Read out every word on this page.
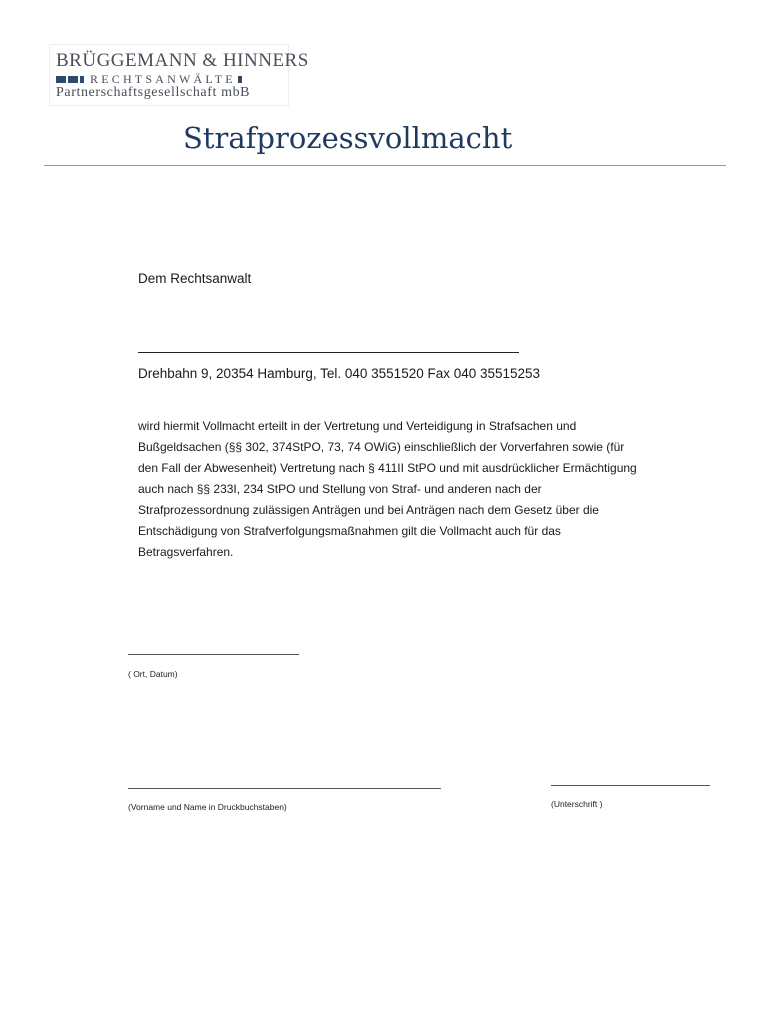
BRÜGGEMANN & HINNERS
RECHTSANWÄLTE
Partnerschaftsgesellschaft mbB
Strafprozessvollmacht
Dem Rechtsanwalt
Drehbahn 9, 20354 Hamburg, Tel. 040 3551520 Fax 040 35515253
wird hiermit Vollmacht erteilt in der Vertretung und Verteidigung in Strafsachen und
Bußgeldsachen (§§ 302, 374StPO, 73, 74 OWiG) einschließlich der Vorverfahren sowie (für
den Fall der Abwesenheit) Vertretung nach § 411II StPO und mit ausdrücklicher Ermächtigung
auch nach §§ 233I, 234 StPO und Stellung von Straf- und anderen nach der
Strafprozessordnung zulässigen Anträgen und bei Anträgen nach dem Gesetz über die
Entschädigung von Strafverfolgungsmaßnahmen gilt die Vollmacht auch für das
Betragsverfahren.
( Ort, Datum)
(Vorname und Name in Druckbuchstaben)	(Unterschrift )
